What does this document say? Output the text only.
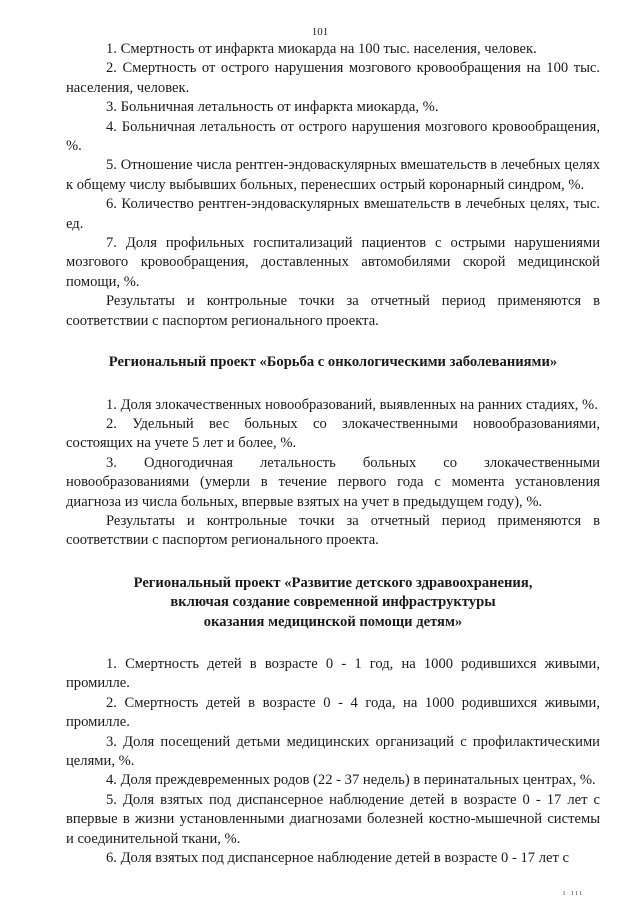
101

1. Смертность от инфаркта миокарда на 100 тыс. населения, человек.

2. Смертность от острого нарушения мозгового кровообращения на 100 тыс. населения, человек.

3. Больничная летальность от инфаркта миокарда, %.

4. Больничная летальность от острого нарушения мозгового кровообращения, %.

5. Отношение числа рентген-эндоваскулярных вмешательств в лечебных целях к общему числу выбывших больных, перенесших острый коронарный синдром, %.

6. Количество рентген-эндоваскулярных вмешательств в лечебных целях, тыс. ед.

7. Доля профильных госпитализаций пациентов с острыми нарушениями мозгового кровообращения, доставленных автомобилями скорой медицинской помощи, %.

Результаты и контрольные точки за отчетный период применяются в соответствии с паспортом регионального проекта.

Региональный проект «Борьба с онкологическими заболеваниями»

1. Доля злокачественных новообразований, выявленных на ранних стадиях, %.

2. Удельный вес больных со злокачественными новообразованиями, состоящих на учете 5 лет и более, %.

3. Одногодичная летальность больных со злокачественными новообразованиями (умерли в течение первого года с момента установления диагноза из числа больных, впервые взятых на учет в предыдущем году), %.

Результаты и контрольные точки за отчетный период применяются в соответствии с паспортом регионального проекта.

Региональный проект «Развитие детского здравоохранения,
включая создание современной инфраструктуры
оказания медицинской помощи детям»

1. Смертность детей в возрасте 0 - 1 год, на 1000 родившихся живыми, промилле.

2. Смертность детей в возрасте 0 - 4 года, на 1000 родившихся живыми, промилле.

3. Доля посещений детьми медицинских организаций с профилактическими целями, %.

4. Доля преждевременных родов (22 - 37 недель) в перинатальных центрах, %.

5. Доля взятых под диспансерное наблюдение детей в возрасте 0 - 17 лет с впервые в жизни установленными диагнозами болезней костно-мышечной системы и соединительной ткани, %.

6. Доля взятых под диспансерное наблюдение детей в возрасте 0 - 17 лет с

ı ııı
